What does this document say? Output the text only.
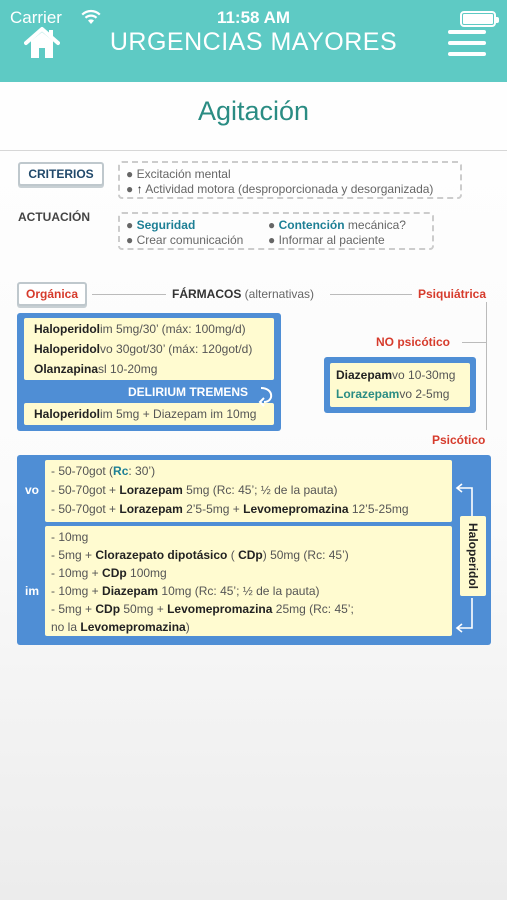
Carrier	11:58 AM
URGENCIAS MAYORES
Agitación
CRITERIOS	● Excitación mental
● ↑ Actividad motora (desproporcionada y desorganizada)
ACTUACIÓN
● Seguridad	● Contención mecánica?
● Crear comunicación ● Informar al paciente
Orgánica	FÁRMACOS (alternativas)	Psiquiátrica
NO psicótico
Psicótico
Haloperidolim 5mg/30’ (máx: 100mg/d)
Haloperidolvo 30got/30’ (máx: 120got/d)
Olanzapinasl 10-20mg
Haloperidolim 5mg + Diazepam im 10mg
DELIRIUM TREMENS
Diazepamvo 10-30mg
Lorazepamvo 2-5mg
vo
im
- 50-70got (Rc: 30’)
- 50-70got + Lorazepam 5mg (Rc: 45’; ½ de la pauta)
- 50-70got + Lorazepam 2’5-5mg + Levomepromazina 12’5-25mg
- 10mg
- 5mg + Clorazepato dipotásico ( CDp) 50mg (Rc: 45’)
- 10mg + CDp 100mg
- 10mg + Diazepam 10mg (Rc: 45’; ½ de la pauta)
- 5mg + CDp 50mg + Levomepromazina 25mg (Rc: 45’;
no la Levomepromazina)
Haloperidol
